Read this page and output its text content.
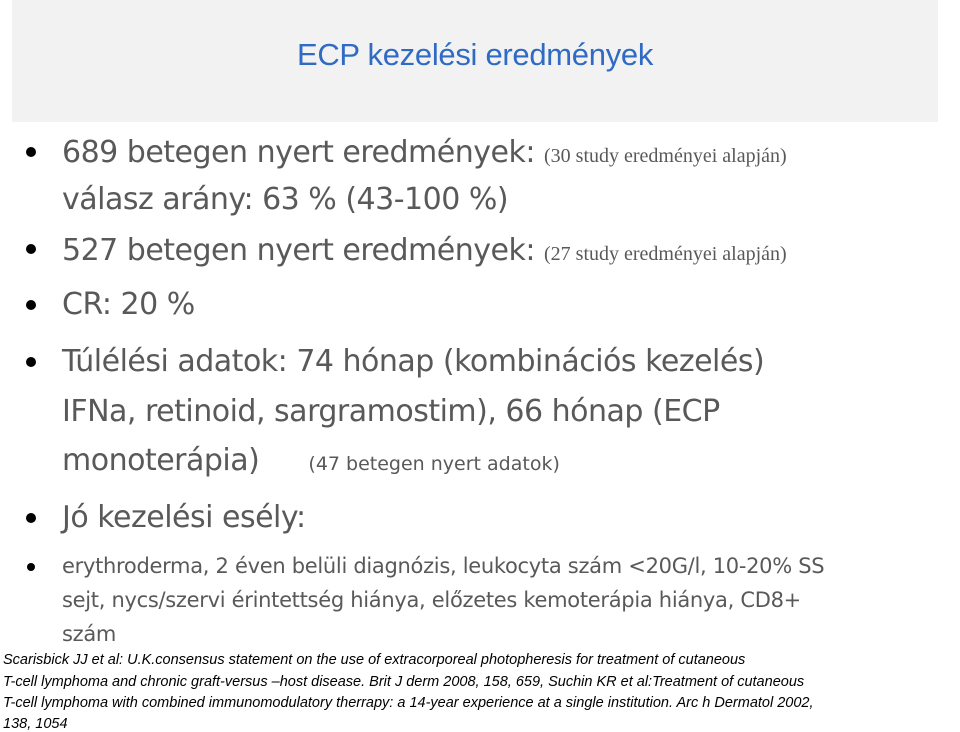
ECP kezelési eredmények
689 betegen nyert eredmények: (30 study eredményei alapján)
válasz arány: 63 % (43-100 %)
527 betegen nyert eredmények: (27 study eredményei alapján)
CR: 20 %
Túlélési adatok: 74 hónap (kombinációs kezelés)
IFNa, retinoid, sargramostim), 66 hónap (ECP
monoterápia)	(47 betegen nyert adatok)
Jó kezelési esély:
erythroderma, 2 éven belüli diagnózis, leukocyta szám <20G/l, 10-20% SS
sejt, nycs/szervi érintettség hiánya, előzetes kemoterápia hiánya, CD8+
szám
Scarisbick JJ et al: U.K.consensus statement on the use of extracorporeal photopheresis for treatment of cutaneous
T-cell lymphoma and chronic graft-versus –host disease. Brit J derm 2008, 158, 659, Suchin KR et al:Treatment of cutaneous
T-cell lymphoma with combined immunomodulatory therrapy: a 14-year experience at a single institution. Arc h Dermatol 2002,
138, 1054
